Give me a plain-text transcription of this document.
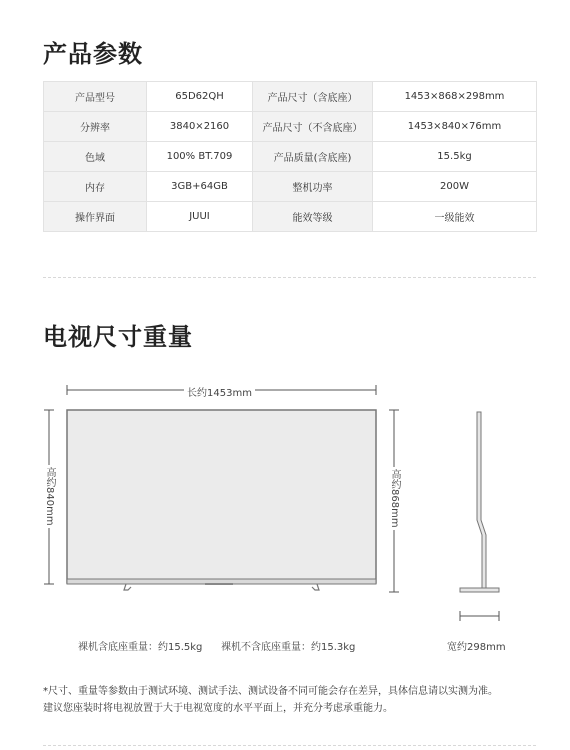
产品参数
产品型号	65D62QH	产品尺寸（含底座）	1453×868×298mm
分辨率	3840×2160	产品尺寸（不含底座）	1453×840×76mm
色域	100% BT.709	产品质量(含底座)	15.5kg
内存	3GB+64GB	整机功率	200W
操作界面	JUUI	能效等级	一级能效
电视尺寸重量
长约1453mm
高约840mm	高约868mm
裸机含底座重量：约15.5kg 裸机不含底座重量：约15.3kg	宽约298mm
*尺寸、重量等参数由于测试环境、测试手法、测试设备不同可能会存在差异，具体信息请以实测为准。
建议您座装时将电视放置于大于电视宽度的水平平面上，并充分考虑承重能力。
